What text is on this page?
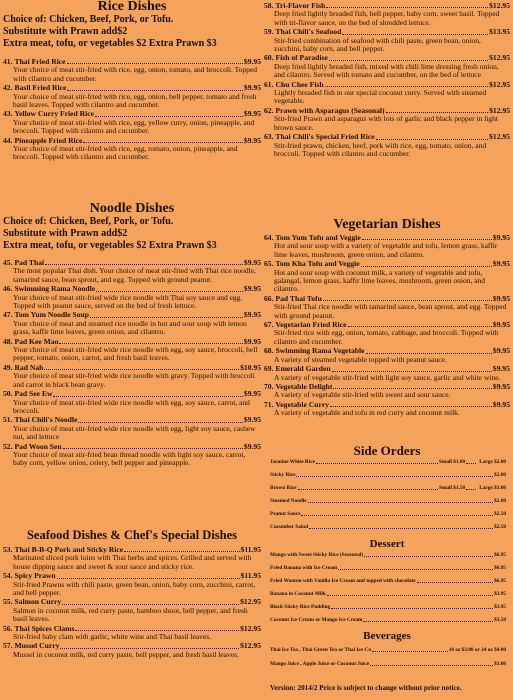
Rice Dishes
Choice of: Chicken, Beef, Pork, or Tofu.
Substitute with Prawn add$2
Extra meat, tofu, or vegetables $2 Extra Prawn $3
41. Thai Fried Rice	$9.95
Your choice of meat stir-fried with rice, egg, onion, tomato, and broccoli. Topped with cilantro and cucumber.
42. Basil Fried Rice	$9.95
Your choice of meat stir-fried with rice, egg, onion, bell pepper, tomato and fresh basil leaves. Topped with cilantro and cucumber.
43. Yellow Curry Fried Rice	$9.95
Your choice of meat stir-fried with rice, egg, yellow curry, onion, pineapple, and broccoli. Topped with cilantro and cucumber.
44. Pineapple Fried Rice	$9.95
Your choice of meat stir-fried with rice, egg, tomato, onion, pineapple, and broccoli. Topped with cilantro and cucumber.
Noodle Dishes
Choice of: Chicken, Beef, Pork, or Tofu.
Substitute with Prawn add$2
Extra meat, tofu, or vegetables $2 Extra Prawn $3
45. Pad Thai	$9.95
The most popular Thai dish. Your choice of meat stir-fried with Thai rice noodle, tamarind sauce, bean sprout, and egg. Topped with ground peanut.
46. Swimming Rama Noodle	$9.95
Your choice of meat stir-fried wide rice noodle with Thai soy sauce and egg. Topped with peanut sauce, served on the bed of fresh lettuce.
47. Tom Yum Noodle Soup	$9.95
Your choice of meat and steamed rice noodle in hot and sour soup with lemon grass, kaffir lime leaves, green onion, and cilantro.
48. Pad Kee Mao	$9.95
Your choice of meat stir-fried wide rice noodle with egg, soy sauce, broccoli, bell pepper, tomato, onion, carrot, and fresh basil leaves.
49. Rad Nah	$10.95
Your choice of meat stir-fried wide rice noodle with gravy. Topped with broccoli and carrot in black bean gravy.
50. Pad See Ew	$9.95
Your choice of meat stir-fried wide rice noodle with egg, soy sauce, carrot, and broccoli.
51. Thai Chili's Noodle	$9.95
Your choice of meat stir-fried wide rice noodle with egg, light soy sauce, cashew nut, and lettuce
52. Pad Woon Sen	$9.95
Your choice of meat stir-fried bean thread noodle with light soy sauce, carrot, baby corn, yellow onion, celery, bell pepper and pineapple.
Seafood Dishes & Chef's Special Dishes
53. Thai B-B-Q Pork and Sticky Rice	$11.95
Marinated sliced pork loins with Thai herbs and spices. Grilled and served with house dipping sauce and sweet & sour sauce and sticky rice.
54. Spicy Prawn	$11.95
Stir-fried Prawns with chili paste, green bean, onion, baby corn, zucchini, carrot, and bell pepper.
55. Salmon Curry	$12.95
Salmon in coconut milk, red curry paste, bamboo shoot, bell pepper, and fresh basil leaves.
56. Thai Spices Clams	$12.95
Stir-fried baby clam with garlic, white wine and Thai basil leaves.
57. Mussel Curry	$12.95
Mussel in coconut milk, red curry paste, bell pepper, and fresh basil leaves.
58. Tri-Flavor Fish	$12.95
Deep fried lightly breaded fish, bell pepper, baby corn, sweet basil. Topped with tri-flavor sauce, on the bed of shredded lettuce.
59. Thai Chili's Seafood	$13.95
Stir-fried combination of seafood with chili paste, green bean, onion, zucchini, baby corn, and bell pepper.
60. Fish of Paradise	$12.95
Deep fried lightly breaded fish, mixed with chili lime dressing fresh onion, and cilantro. Served with tomato and cucumber, on the bed of lettuce
61. Chu Chee Fish	$12.95
Lightly breaded fish in our special coconut curry. Served with steamed vegetable.
62. Prawn with Asparagus (Seasonal)	$12.95
Stir-fried Prawn and asparagus with lots of garlic and black pepper in light brown sauce.
63. Thai Chili's Special Fried Rice	$12.95
Stir-fried prawn, chicken, beef, pork with rice, egg, tomato, onion, and broccoli. Topped with cilantro and cucumber.
Vegetarian Dishes
64. Tom Yum Tofu and Veggie	$9.95
Hot and sour soup with a variety of vegetable and tofu, lemon grass, kaffir lime leaves, mushroom, green onion, and cilantro.
65. Tom Kha Tofu and Veggie	$9.95
Hot and sour soup with coconut milk, a variety of vegetable and tofu, galangal, lemon grass, kaffir lime leaves, mushroom, green onion, and cilantro.
66. Pad Thai Tofu	$9.95
Stir-fried Thai rice noodle with tamarind sauce, bean sprout, and egg. Topped with ground peanut.
67. Vegetarian Fried Rice	$9.95
Stir-fried rice with egg, onion, tomato, cabbage, and broccoli. Topped with cilantro and cucumber.
68. Swimming Rama Vegetable	$9.95
A variety of steamed vegetable topped with peanut sauce.
69. Emerald Garden	$9.95
A variety of vegetable stir-fried with light soy sauce, garlic and white wine.
70. Vegetable Delight	$9.95
A variety of vegetable stir-fried with sweet and sour sauce.
71. Vegetable Curry	$9.95
A variety of vegetable and tofu in red curry and coconut milk.
Side Orders
Jasmine White Rice	Small $1.00	Large $2.00
Sticky Rice	$2.00
Brown Rice	Small $1.50	Large $3.00
Steamed Noodle	$2.00
Peanut Sauce	$2.50
Cucumber Salad	$2.50
Dessert
Mango with Sweet Sticky Rice (Seasonal)	$6.95
Fried Banana with Ice Cream	$6.95
Fried Wonton with Vanilla Ice Cream and topped with chocolate	$6.95
Banana in Coconut Milk	$3.95
Black Sticky Rice Pudding	$3.95
Coconut Ice Cream or Mango Ice Cream	$3.50
Beverages
Thai Ice Tea , Thai Green Tea or Thai Ice Co	16 oz $3.00 or 24 oz $4.00
Mango Juice , Apple Juice or Coconut Juice	$3.00
Version: 2014/2 Price is subject to change without prior notice.
